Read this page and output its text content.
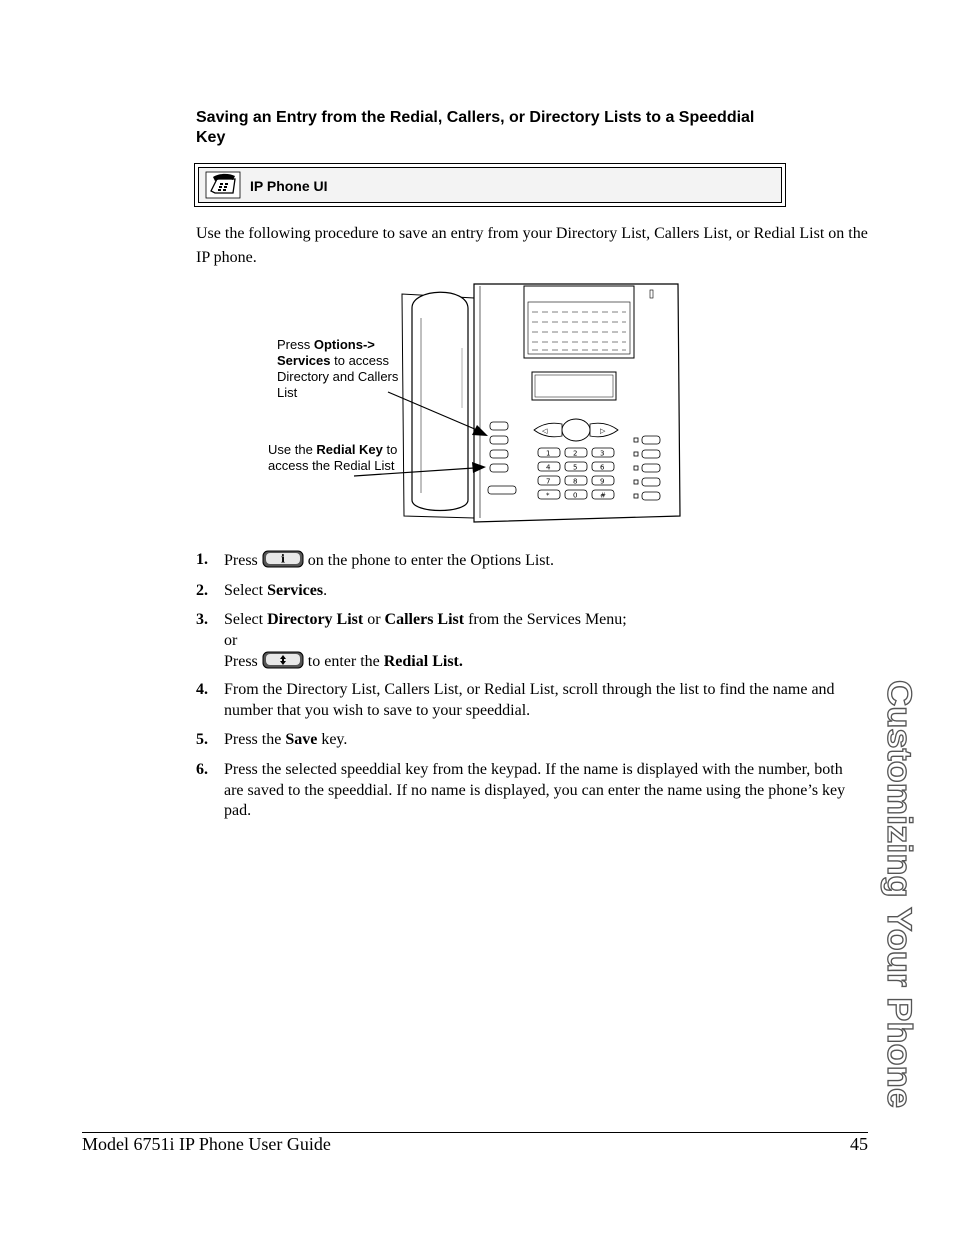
Saving an Entry from the Redial, Callers, or Directory Lists to a Speeddial Key
IP Phone UI
Use the following procedure to save an entry from your Directory List, Callers List, or Redial List on the IP phone.
◁	▷
1	2	3
4	5	6
7	8	9
*	0	#
Press Options-> Services to access Directory and Callers List
Use the Redial Key to access the Redial List
1. Press i on the phone to enter the Options List.
2. Select Services.
3. Select Directory List or Callers List from the Services Menu;
or
Press	to enter the Redial List.
4. From the Directory List, Callers List, or Redial List, scroll through the list to find the name and number that you wish to save to your speeddial.
5. Press the Save key.
6. Press the selected speeddial key from the keypad. If the name is displayed with the number, both are saved to the speeddial. If no name is displayed, you can enter the name using the phone’s key pad.	Customizing Your Phone
Model 6751i IP Phone User Guide	45
